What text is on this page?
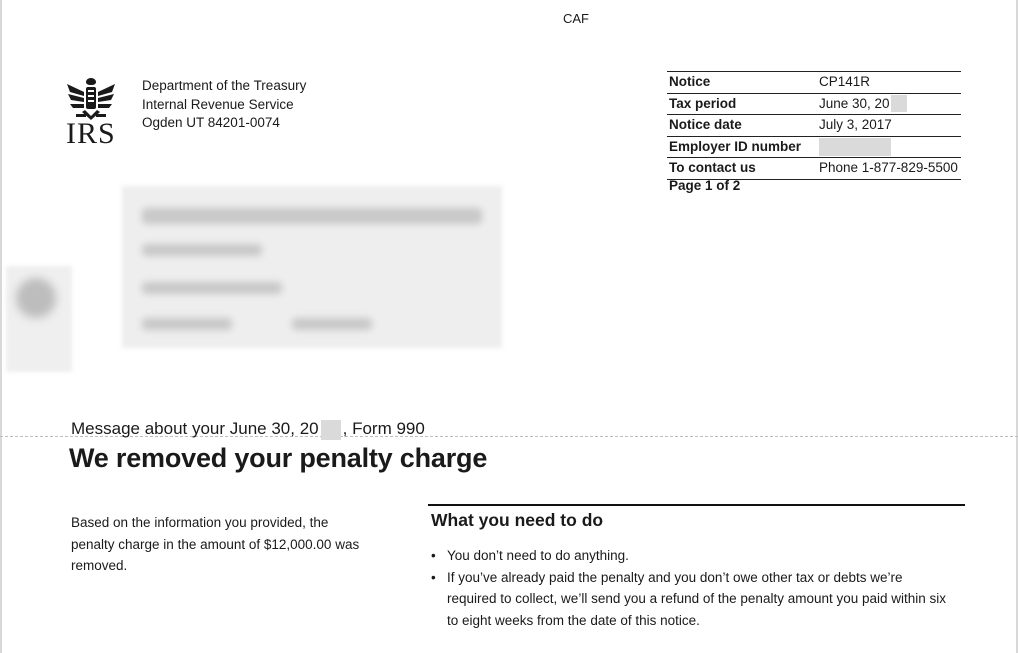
CAF
IRS
Department of the Treasury
Internal Revenue Service
Ogden UT 84201-0074
Notice	CP141R
Tax period	June 30, 20
Notice date	July 3, 2017
Employer ID number
To contact us	Phone 1-877-829-5500
Page 1 of 2
Message about your June 30, 20 , Form 990
We removed your penalty charge
Based on the information you provided, the penalty charge in the amount of $12,000.00 was removed.
What you need to do
• You don’t need to do anything.
• If you’ve already paid the penalty and you don’t owe other tax or debts we’re required to collect, we’ll send you a refund of the penalty amount you paid within six to eight weeks from the date of this notice.
